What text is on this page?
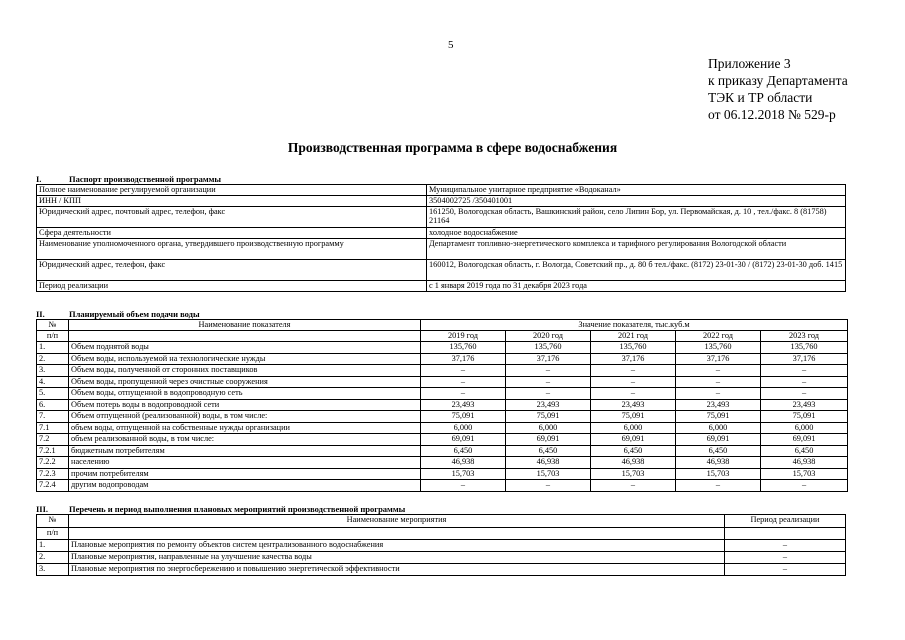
5
Приложение 3
к приказу Департамента
ТЭК и ТР области
от 06.12.2018 № 529-р
Производственная программа в сфере водоснабжения
I.	Паспорт производственной программы
Полное наименование регулируемой организации	Муниципальное унитарное предприятие «Водоканал»
ИНН / КПП	3504002725 /350401001
Юридический адрес, почтовый адрес, телефон, факс	161250, Вологодская область, Вашкинский район, село Липин Бор, ул. Первомайская, д. 10 , тел./факс. 8 (81758) 21164
Сфера деятельности	холодное водоснабжение
Наименование уполномоченного органа, утвердившего производственную программу	Департамент топливно-энергетического комплекса и тарифного регулирования Вологодской области
Юридический адрес, телефон, факс	160012, Вологодская область, г. Вологда, Советский пр., д. 80 б тел./факс. (8172) 23-01-30 / (8172) 23-01-30 доб. 1415
Период реализации	с 1 января 2019 года по 31 декабря 2023 года
II.	Планируемый объем подачи воды
№	Наименование показателя	Значение показателя, тыс.куб.м				
п/п		2019 год	2020 год	2021 год	2022 год	2023 год
1.	Объем поднятой воды	135,760	135,760	135,760	135,760	135,760
2.	Объем воды, используемой на технологические нужды	37,176	37,176	37,176	37,176	37,176
3.	Объем воды, полученной от сторонних поставщиков	–	–	–	–	–
4.	Объем воды, пропущенной через очистные сооружения	–	–	–	–	–
5.	Объем воды, отпущенной в водопроводную сеть	–	–	–	–	–
6.	Объем потерь воды в водопроводной сети	23,493	23,493	23,493	23,493	23,493
7.	Объем отпущенной (реализованной) воды, в том числе:	75,091	75,091	75,091	75,091	75,091
7.1	объем воды, отпущенной на собственные нужды организации	6,000	6,000	6,000	6,000	6,000
7.2	объем реализованной воды, в том числе:	69,091	69,091	69,091	69,091	69,091
7.2.1	бюджетным потребителям	6,450	6,450	6,450	6,450	6,450
7.2.2	населению	46,938	46,938	46,938	46,938	46,938
7.2.3	прочим потребителям	15,703	15,703	15,703	15,703	15,703
7.2.4	другим водопроводам	–	–	–	–	–
III. Перечень и период выполнения плановых мероприятий производственной программы
№	Наименование мероприятия	Период реализации
п/п		
1.	Плановые мероприятия по ремонту объектов систем централизованного водоснабжения	–
2.	Плановые мероприятия, направленные на улучшение качества воды	–
3.	Плановые мероприятия по энергосбережению и повышению энергетической эффективности	–
